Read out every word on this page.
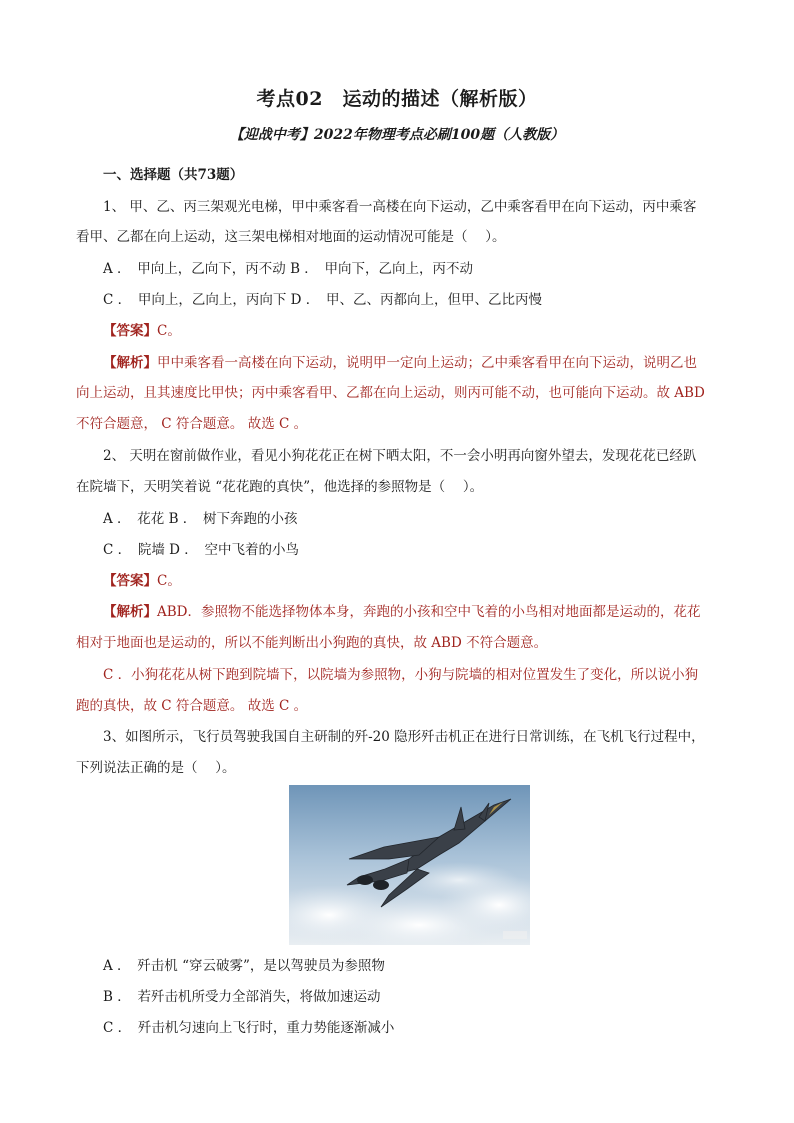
考点02　运动的描述（解析版）
【迎战中考】2022年物理考点必刷100题（人教版）
一、选择题（共73题）
1、 甲、乙、丙三架观光电梯，甲中乘客看一高楼在向下运动，乙中乘客看甲在向下运动，丙中乘客
看甲、乙都在向上运动，这三架电梯相对地面的运动情况可能是（　 ）。
A ．　甲向上，乙向下，丙不动 B ．　甲向下，乙向上，丙不动
C ．　甲向上，乙向上，丙向下 D ．　甲、乙、丙都向上，但甲、乙比丙慢
【答案】C。
【解析】甲中乘客看一高楼在向下运动，说明甲一定向上运动；乙中乘客看甲在向下运动，说明乙也
向上运动，且其速度比甲快；丙中乘客看甲、乙都在向上运动，则丙可能不动，也可能向下运动。故 ABD
不符合题意， C 符合题意。 故选 C 。
2、 天明在窗前做作业，看见小狗花花正在树下晒太阳，不一会小明再向窗外望去，发现花花已经趴
在院墙下，天明笑着说 “花花跑的真快”，他选择的参照物是（　 ）。
A ．　花花 B ．　树下奔跑的小孩
C ．　院墙 D ．　空中飞着的小鸟
【答案】C。
【解析】ABD．参照物不能选择物体本身，奔跑的小孩和空中飞着的小鸟相对地面都是运动的，花花
相对于地面也是运动的，所以不能判断出小狗跑的真快，故 ABD 不符合题意。
C ．小狗花花从树下跑到院墙下，以院墙为参照物，小狗与院墙的相对位置发生了变化，所以说小狗
跑的真快，故 C 符合题意。 故选 C 。
3、如图所示，飞行员驾驶我国自主研制的歼-20 隐形歼击机正在进行日常训练，在飞机飞行过程中，
下列说法正确的是（　 ）。
A ．　歼击机 “穿云破雾”，是以驾驶员为参照物
B ．　若歼击机所受力全部消失，将做加速运动
C ．　歼击机匀速向上飞行时，重力势能逐渐减小
